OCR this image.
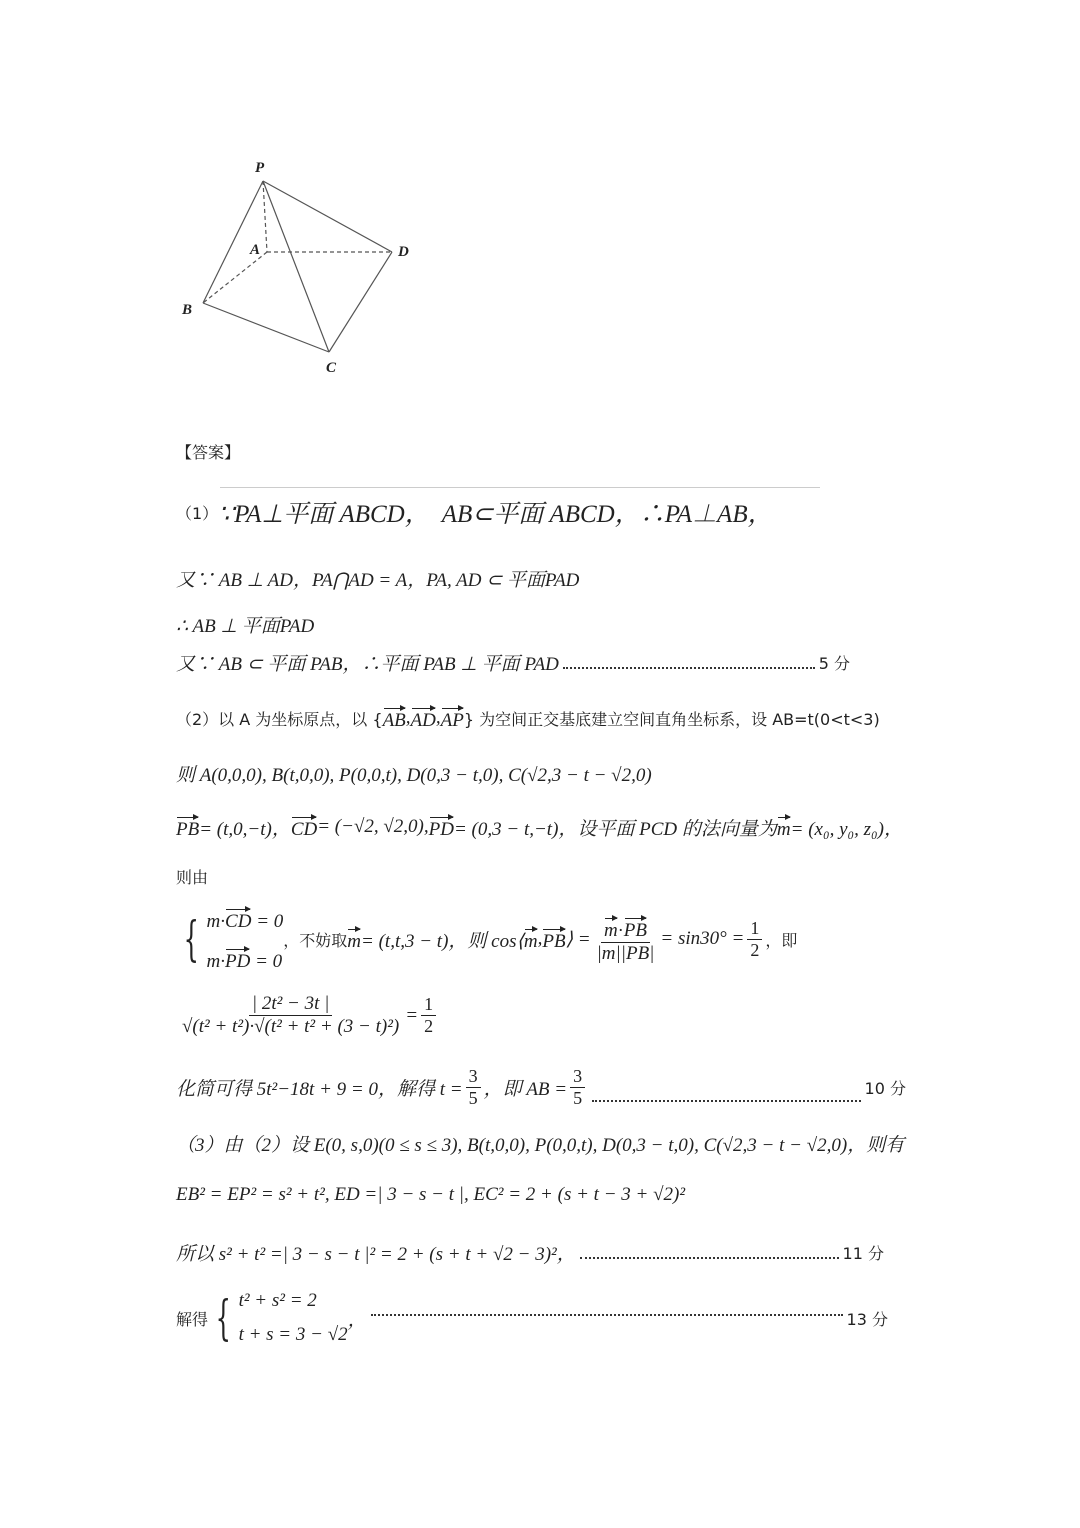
P
A	D
B
C
【答案】
（1） ∵PA⊥平面 ABCD， AB⊂平面 ABCD，∴PA⊥AB，
又∵ AB ⊥ AD，PA⋂AD = A，PA, AD ⊂ 平面PAD
∴ AB ⊥ 平面PAD
又∵ AB ⊂ 平面 PAB，∴平面 PAB ⊥ 平面 PAD	5 分
（2）以 A 为坐标原点，以 { AB , AD , AP } 为空间正交基底建立空间直角坐标系，设 AB=t(0<t<3)
则 A(0,0,0), B(t,0,0), P(0,0,t), D(0,3 − t,0), C(√2,3 − t − √2,0)
PB = (t,0,−t)， CD = (−√2, √2,0), PD = (0,3 − t,−t)，设平面 PCD 的法向量为 m = (x₀, y₀, z₀)，
则由
{ m·CD = 0
m·PD = 0
，不妨取 m = (t,t,3 − t)，则 cos⟨ m , PB ⟩ = $\frac{m\cdot PB}{|m||PB|} = \sin 30^\circ = \frac{1}{2}$ ，即
$\frac{\text{| 2t² − 3t |}}{\text{√(t² + t²)·√(t² + t² + (3 − t)²)}} = \frac{1}{2}$
化简可得 5t²−18t + 9 = 0，解得 $t = \frac{3}{5}$ ，即 AB = $\frac{3}{5}$	10 分
（3）由（2）设 E(0, s,0)(0 ≤ s ≤ 3), B(t,0,0), P(0,0,t), D(0,3 − t,0), C(√2,3 − t − √2,0)，则有
EB² = EP² = s² + t², ED =| 3 − s − t |, EC² = 2 + (s + t − 3 + √2)²
所以 s² + t² =| 3 − s − t |² = 2 + (s + t + √2 − 3)²，	11 分
解得 { t² + s² = 2
t + s = 3 − √2
，	13 分
